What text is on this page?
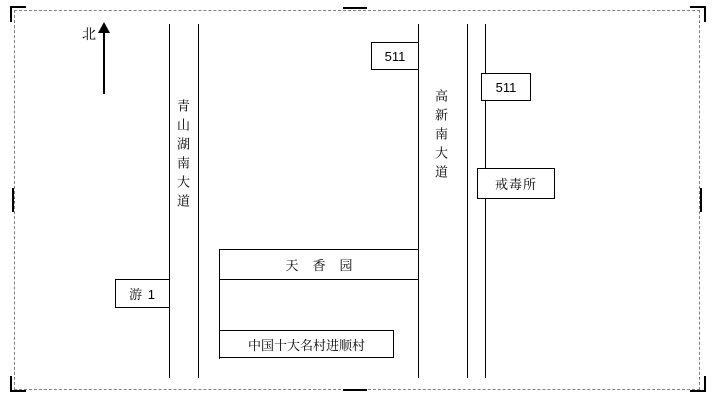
北
青山湖南大道	高新南大道
天香园
中国十大名村进顺村
511
511
戒毒所
游 1
